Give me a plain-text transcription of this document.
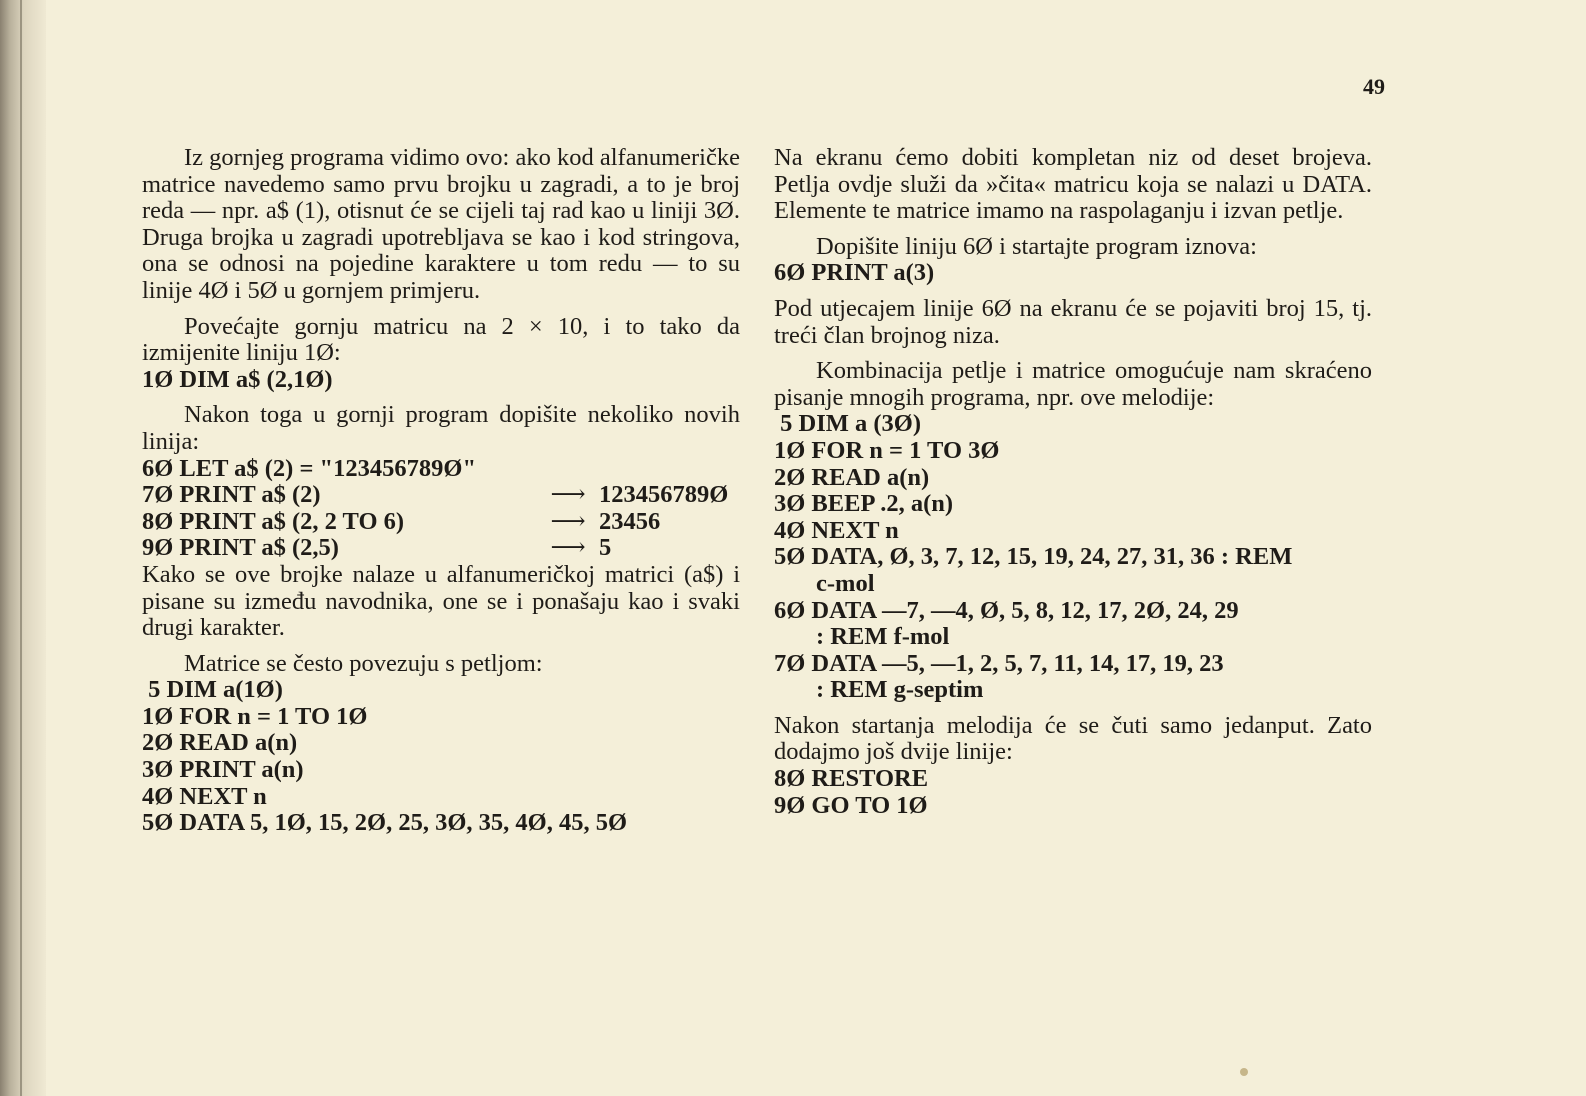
49

Iz gornjeg programa vidimo ovo: ako kod alfanumeričke matrice navedemo samo prvu brojku u zagradi, a to je broj reda — npr. a$ (1), otisnut će se cijeli taj rad kao u liniji 3Ø. Druga brojka u zagradi upotrebljava se kao i kod stringova, ona se odnosi na pojedine karaktere u tom redu — to su linije 4Ø i 5Ø u gornjem primjeru.

Povećajte gornju matricu na 2 × 10, i to tako da izmijenite liniju 1Ø:

1Ø DIM a$ (2,1Ø)

Nakon toga u gornji program dopišite nekoliko novih linija:

6Ø LET a$ (2) = "123456789Ø"
7Ø PRINT a$ (2)	⟶ 123456789Ø
8Ø PRINT a$ (2, 2 TO 6)	⟶ 23456
9Ø PRINT a$ (2,5)	⟶ 5

Kako se ove brojke nalaze u alfanumeričkoj matrici (a$) i pisane su između navodnika, one se i ponašaju kao i svaki drugi karakter.

Matrice se često povezuju s petljom:

5 DIM a(1Ø)
1Ø FOR n = 1 TO 1Ø
2Ø READ a(n)
3Ø PRINT a(n)
4Ø NEXT n
5Ø DATA 5, 1Ø, 15, 2Ø, 25, 3Ø, 35, 4Ø, 45, 5Ø

Na ekranu ćemo dobiti kompletan niz od deset brojeva. Petlja ovdje služi da »čita« matricu koja se nalazi u DATA. Elemente te matrice imamo na raspolaganju i izvan petlje.

Dopišite liniju 6Ø i startajte program iznova:

6Ø PRINT a(3)

Pod utjecajem linije 6Ø na ekranu će se pojaviti broj 15, tj. treći član brojnog niza.

Kombinacija petlje i matrice omogućuje nam skraćeno pisanje mnogih programa, npr. ove melodije:

5 DIM a (3Ø)
1Ø FOR n = 1 TO 3Ø
2Ø READ a(n)
3Ø BEEP .2, a(n)
4Ø NEXT n
5Ø DATA, Ø, 3, 7, 12, 15, 19, 24, 27, 31, 36 : REM
c-mol
6Ø DATA —7, —4, Ø, 5, 8, 12, 17, 2Ø, 24, 29
: REM f-mol
7Ø DATA —5, —1, 2, 5, 7, 11, 14, 17, 19, 23
: REM g-septim

Nakon startanja melodija će se čuti samo jedanput. Zato dodajmo još dvije linije:

8Ø RESTORE
9Ø GO TO 1Ø
